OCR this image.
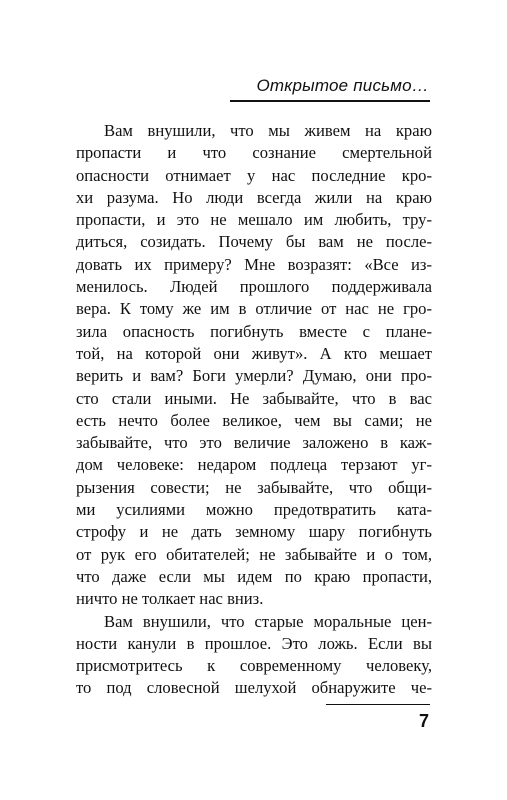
Открытое письмо…
Вам внушили, что мы живем на краю
пропасти и что сознание смертельной
опасности отнимает у нас последние кро-
хи разума. Но люди всегда жили на краю
пропасти, и это не мешало им любить, тру-
диться, созидать. Почему бы вам не после-
довать их примеру? Мне возразят: «Все из-
менилось. Людей прошлого поддерживала
вера. К тому же им в отличие от нас не гро-
зила опасность погибнуть вместе с плане-
той, на которой они живут». А кто мешает
верить и вам? Боги умерли? Думаю, они про-
сто стали иными. Не забывайте, что в вас
есть нечто более великое, чем вы сами; не
забывайте, что это величие заложено в каж-
дом человеке: недаром подлеца терзают уг-
рызения совести; не забывайте, что общи-
ми усилиями можно предотвратить ката-
строфу и не дать земному шару погибнуть
от рук его обитателей; не забывайте и о том,
что даже если мы идем по краю пропасти,
ничто не толкает нас вниз.
Вам внушили, что старые моральные цен-
ности канули в прошлое. Это ложь. Если вы
присмотритесь к современному человеку,
то под словесной шелухой обнаружите че-
7
